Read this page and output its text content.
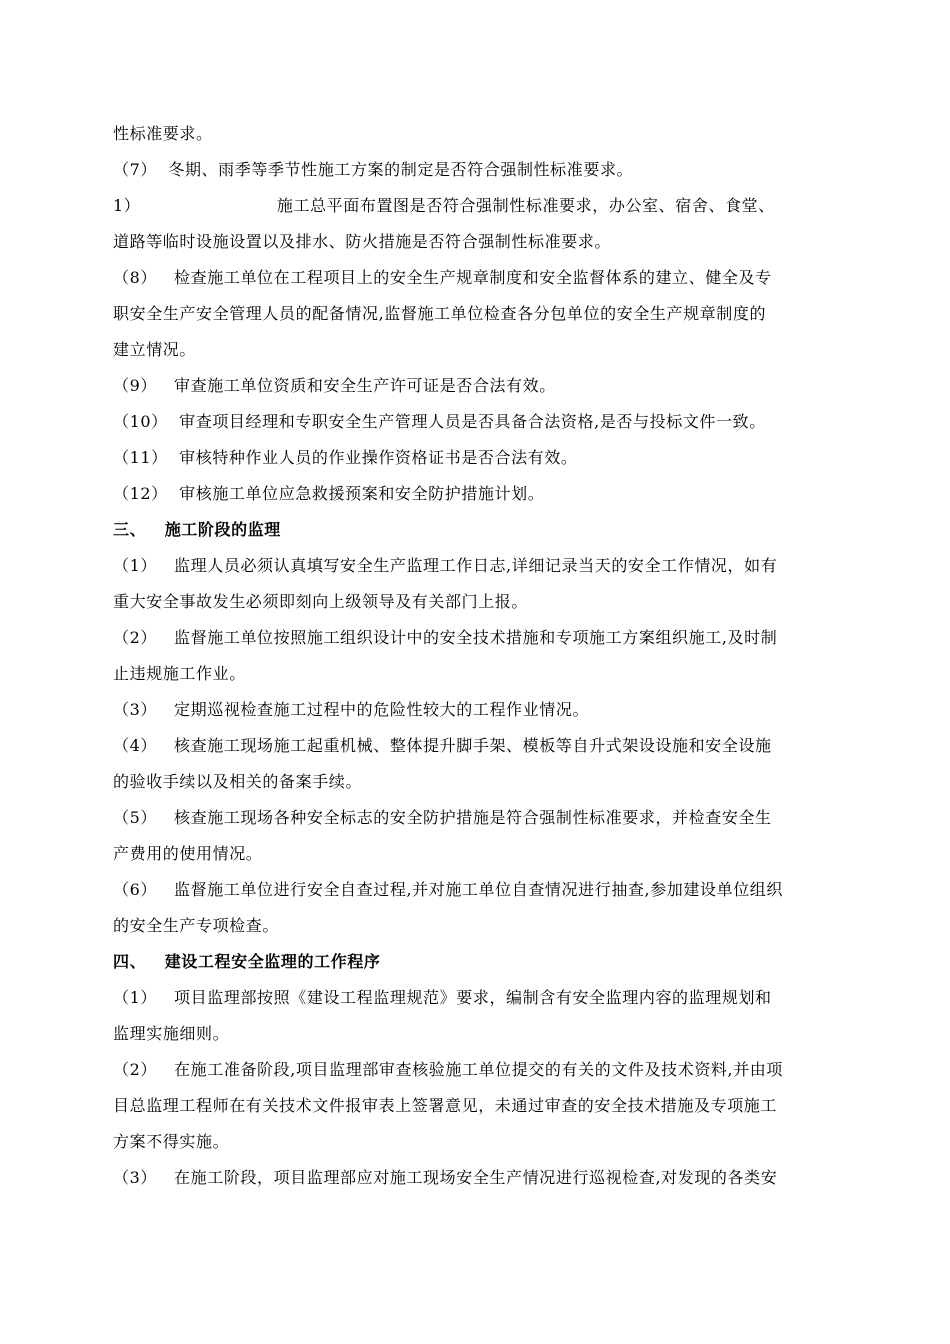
性标准要求。
（7）  冬期、雨季等季节性施工方案的制定是否符合强制性标准要求。
1）                        施工总平面布置图是否符合强制性标准要求，办公室、宿舍、食堂、
道路等临时设施设置以及排水、防火措施是否符合强制性标准要求。
（8）   检查施工单位在工程项目上的安全生产规章制度和安全监督体系的建立、健全及专
职安全生产安全管理人员的配备情况,监督施工单位检查各分包单位的安全生产规章制度的
建立情况。
（9）   审查施工单位资质和安全生产许可证是否合法有效。
（10）  审查项目经理和专职安全生产管理人员是否具备合法资格,是否与投标文件一致。
（11）  审核特种作业人员的作业操作资格证书是否合法有效。
（12）  审核施工单位应急救援预案和安全防护措施计划。
三、   施工阶段的监理
（1）   监理人员必须认真填写安全生产监理工作日志,详细记录当天的安全工作情况，如有
重大安全事故发生必须即刻向上级领导及有关部门上报。
（2）   监督施工单位按照施工组织设计中的安全技术措施和专项施工方案组织施工,及时制
止违规施工作业。
（3）   定期巡视检查施工过程中的危险性较大的工程作业情况。
（4）   核查施工现场施工起重机械、整体提升脚手架、模板等自升式架设设施和安全设施
的验收手续以及相关的备案手续。
（5）   核查施工现场各种安全标志的安全防护措施是符合强制性标准要求，并检查安全生
产费用的使用情况。
（6）   监督施工单位进行安全自查过程,并对施工单位自查情况进行抽查,参加建设单位组织
的安全生产专项检查。
四、   建设工程安全监理的工作程序
（1）   项目监理部按照《建设工程监理规范》要求，编制含有安全监理内容的监理规划和
监理实施细则。
（2）   在施工准备阶段,项目监理部审查核验施工单位提交的有关的文件及技术资料,并由项
目总监理工程师在有关技术文件报审表上签署意见，未通过审查的安全技术措施及专项施工
方案不得实施。
（3）   在施工阶段，项目监理部应对施工现场安全生产情况进行巡视检查,对发现的各类安
